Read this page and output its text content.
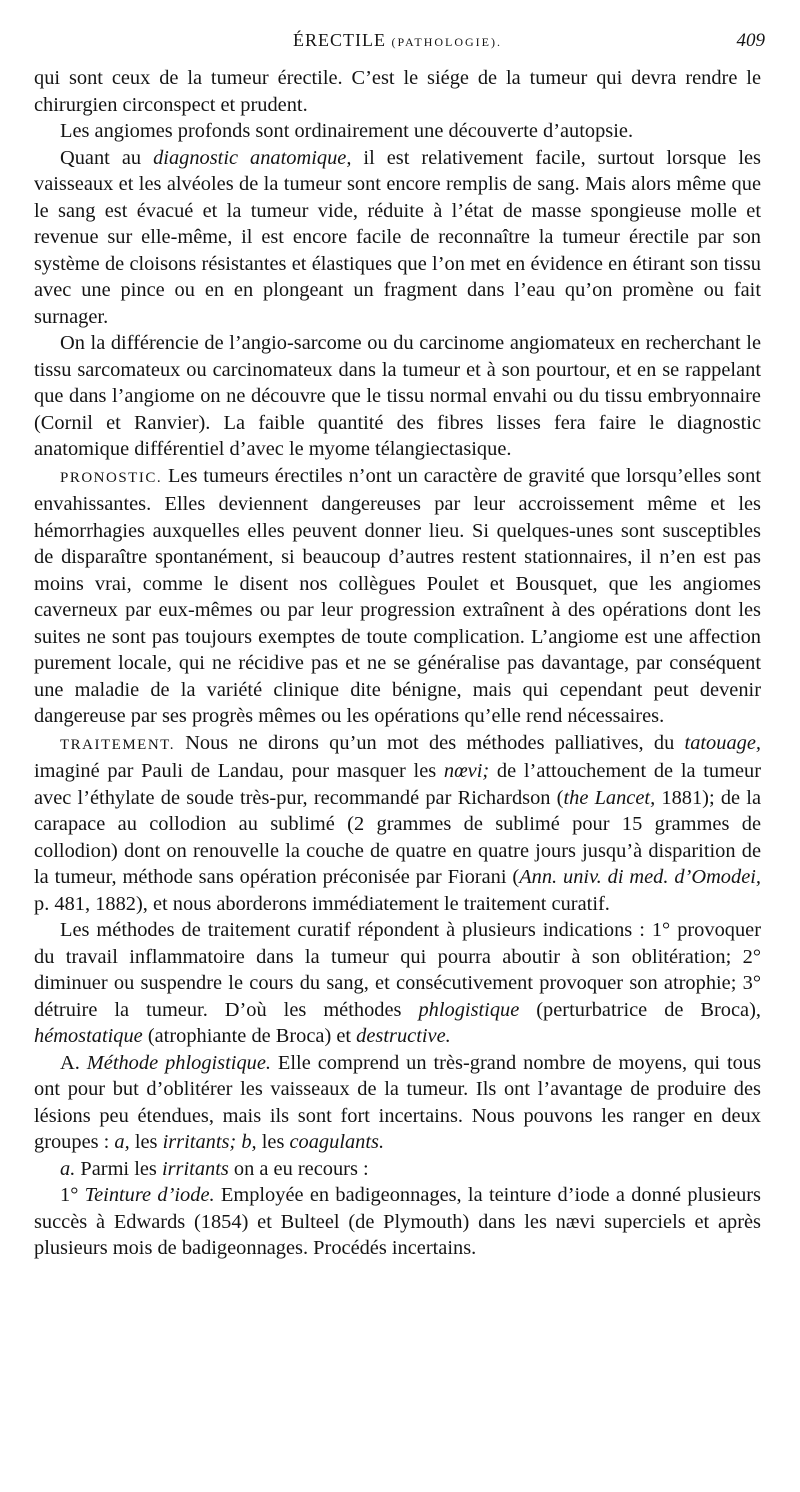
ÉRECTILE (PATHOLOGIE).	409

qui sont ceux de la tumeur érectile. C’est le siége de la tumeur qui devra rendre le chirurgien circonspect et prudent.

Les angiomes profonds sont ordinairement une découverte d’autopsie.

Quant au diagnostic anatomique, il est relativement facile, surtout lorsque les vaisseaux et les alvéoles de la tumeur sont encore remplis de sang. Mais alors même que le sang est évacué et la tumeur vide, réduite à l’état de masse spongieuse molle et revenue sur elle-même, il est encore facile de reconnaître la tumeur érectile par son système de cloisons résistantes et élastiques que l’on met en évidence en étirant son tissu avec une pince ou en en plongeant un fragment dans l’eau qu’on promène ou fait surnager.

On la différencie de l’angio-sarcome ou du carcinome angiomateux en recherchant le tissu sarcomateux ou carcinomateux dans la tumeur et à son pourtour, et en se rappelant que dans l’angiome on ne découvre que le tissu normal envahi ou du tissu embryonnaire (Cornil et Ranvier). La faible quantité des fibres lisses fera faire le diagnostic anatomique différentiel d’avec le myome télangiectasique.

PRONOSTIC. Les tumeurs érectiles n’ont un caractère de gravité que lorsqu’elles sont envahissantes. Elles deviennent dangereuses par leur accroissement même et les hémorrhagies auxquelles elles peuvent donner lieu. Si quelques-unes sont susceptibles de disparaître spontanément, si beaucoup d’autres restent stationnaires, il n’en est pas moins vrai, comme le disent nos collègues Poulet et Bousquet, que les angiomes caverneux par eux-mêmes ou par leur progression extraînent à des opérations dont les suites ne sont pas toujours exemptes de toute complication. L’angiome est une affection purement locale, qui ne récidive pas et ne se généralise pas davantage, par conséquent une maladie de la variété clinique dite bénigne, mais qui cependant peut devenir dangereuse par ses progrès mêmes ou les opérations qu’elle rend nécessaires.

TRAITEMENT. Nous ne dirons qu’un mot des méthodes palliatives, du tatouage, imaginé par Pauli de Landau, pour masquer les nœvi; de l’attouchement de la tumeur avec l’éthylate de soude très-pur, recommandé par Richardson (the Lancet, 1881); de la carapace au collodion au sublimé (2 grammes de sublimé pour 15 grammes de collodion) dont on renouvelle la couche de quatre en quatre jours jusqu’à disparition de la tumeur, méthode sans opération préconisée par Fiorani (Ann. univ. di med. d’Omodei, p. 481, 1882), et nous aborderons immédiatement le traitement curatif.

Les méthodes de traitement curatif répondent à plusieurs indications : 1° provoquer du travail inflammatoire dans la tumeur qui pourra aboutir à son oblitération; 2° diminuer ou suspendre le cours du sang, et consécutivement provoquer son atrophie; 3° détruire la tumeur. D’où les méthodes phlogistique (perturbatrice de Broca), hémostatique (atrophiante de Broca) et destructive.

A. Méthode phlogistique. Elle comprend un très-grand nombre de moyens, qui tous ont pour but d’oblitérer les vaisseaux de la tumeur. Ils ont l’avantage de produire des lésions peu étendues, mais ils sont fort incertains. Nous pouvons les ranger en deux groupes : a, les irritants; b, les coagulants.

a. Parmi les irritants on a eu recours :

1° Teinture d’iode. Employée en badigeonnages, la teinture d’iode a donné plusieurs succès à Edwards (1854) et Bulteel (de Plymouth) dans les nævi superciels et après plusieurs mois de badigeonnages. Procédés incertains.
